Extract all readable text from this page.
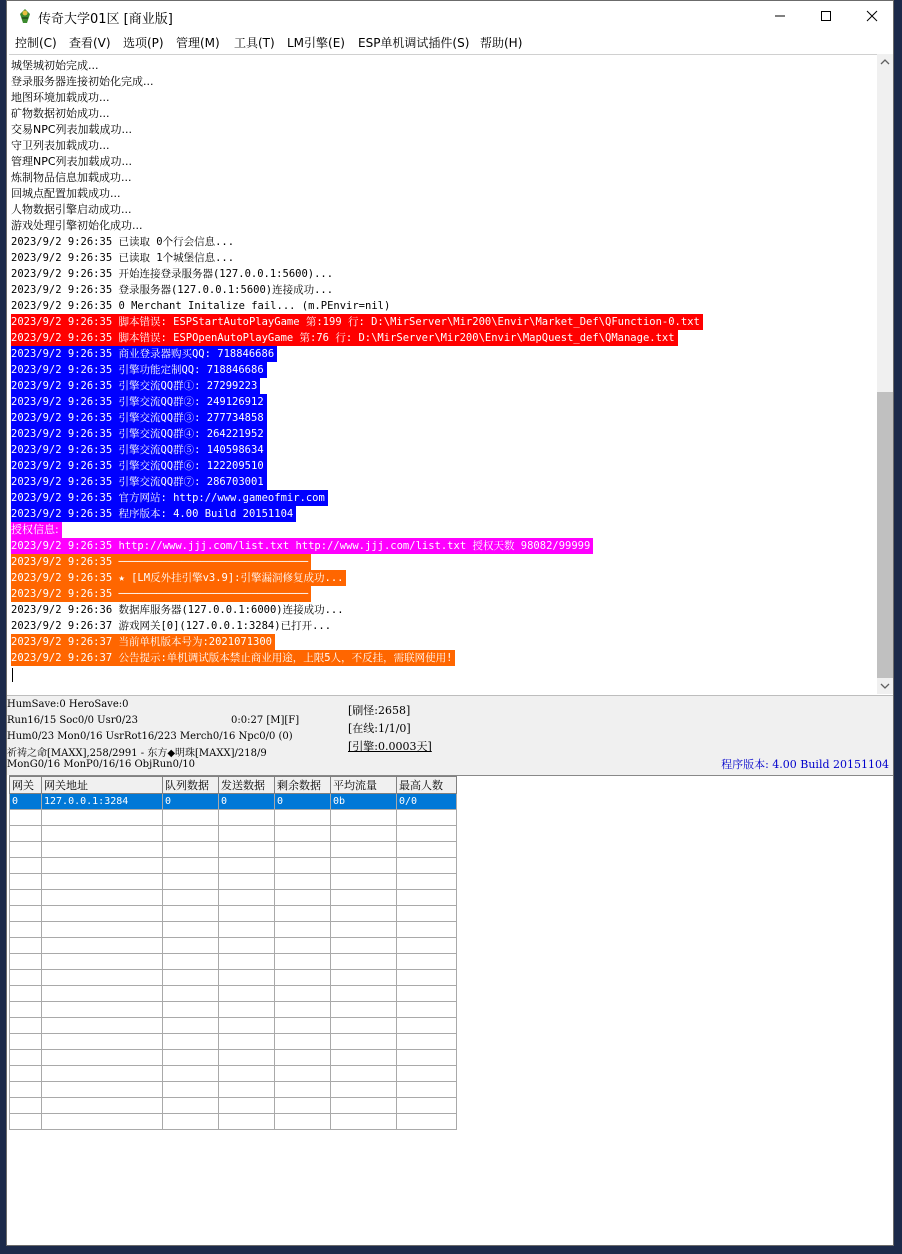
传奇大学01区 [商业版]
控制(C) 查看(V) 选项(P) 管理(M) 工具(T) LM引擎(E) ESP单机调试插件(S) 帮助(H)
城堡城初始完成...
登录服务器连接初始化完成...
地图环境加载成功...
矿物数据初始成功...
交易NPC列表加载成功...
守卫列表加载成功...
管理NPC列表加载成功...
炼制物品信息加载成功...
回城点配置加载成功...
人物数据引擎启动成功...
游戏处理引擎初始化成功...
2023/9/2 9:26:35 已读取 0个行会信息...
2023/9/2 9:26:35 已读取 1个城堡信息...
2023/9/2 9:26:35 开始连接登录服务器(127.0.0.1:5600)...
2023/9/2 9:26:35 登录服务器(127.0.0.1:5600)连接成功...
2023/9/2 9:26:35 0 Merchant Initalize fail... (m.PEnvir=nil)
2023/9/2 9:26:35 脚本错误: ESPStartAutoPlayGame 第:199 行: D:\MirServer\Mir200\Envir\Market_Def\QFunction-0.txt
2023/9/2 9:26:35 脚本错误: ESPOpenAutoPlayGame 第:76 行: D:\MirServer\Mir200\Envir\MapQuest_def\QManage.txt
2023/9/2 9:26:35 商业登录器购买QQ: 718846686
2023/9/2 9:26:35 引擎功能定制QQ: 718846686
2023/9/2 9:26:35 引擎交流QQ群①: 27299223
2023/9/2 9:26:35 引擎交流QQ群②: 249126912
2023/9/2 9:26:35 引擎交流QQ群③: 277734858
2023/9/2 9:26:35 引擎交流QQ群④: 264221952
2023/9/2 9:26:35 引擎交流QQ群⑤: 140598634
2023/9/2 9:26:35 引擎交流QQ群⑥: 122209510
2023/9/2 9:26:35 引擎交流QQ群⑦: 286703001
2023/9/2 9:26:35 官方网站: http://www.gameofmir.com
2023/9/2 9:26:35 程序版本: 4.00 Build 20151104
授权信息:
2023/9/2 9:26:35 http://www.jjj.com/list.txt http://www.jjj.com/list.txt 授权天数 98082/99999
2023/9/2 9:26:35 ──────────────────────────────
2023/9/2 9:26:35 ★ [LM反外挂引擎v3.9]:引擎漏洞修复成功...
2023/9/2 9:26:35 ──────────────────────────────
2023/9/2 9:26:36 数据库服务器(127.0.0.1:6000)连接成功...
2023/9/2 9:26:37 游戏网关[0](127.0.0.1:3284)已打开...
2023/9/2 9:26:37 当前单机版本号为:2021071300
2023/9/2 9:26:37 公告提示:单机调试版本禁止商业用途，上限5人，不反挂，需联网使用!
HumSave:0 HeroSave:0
Run16/15 Soc0/0 Usr0/23	0:0:27 [M][F]
Hum0/23 Mon0/16 UsrRot16/223 Merch0/16 Npc0/0 (0)
祈祷之命[MAXX],258/2991 - 东方◆明珠[MAXX]/218/9
MonG0/16 MonP0/16/16 ObjRun0/10
[刷怪:2658]
[在线:1/1/0]
[引擎:0.0003天]
程序版本: 4.00 Build 20151104
网关	网关地址	队列数据	发送数据	剩余数据	平均流量	最高人数
0	127.0.0.1:3284	0	0	0	0b	0/0
